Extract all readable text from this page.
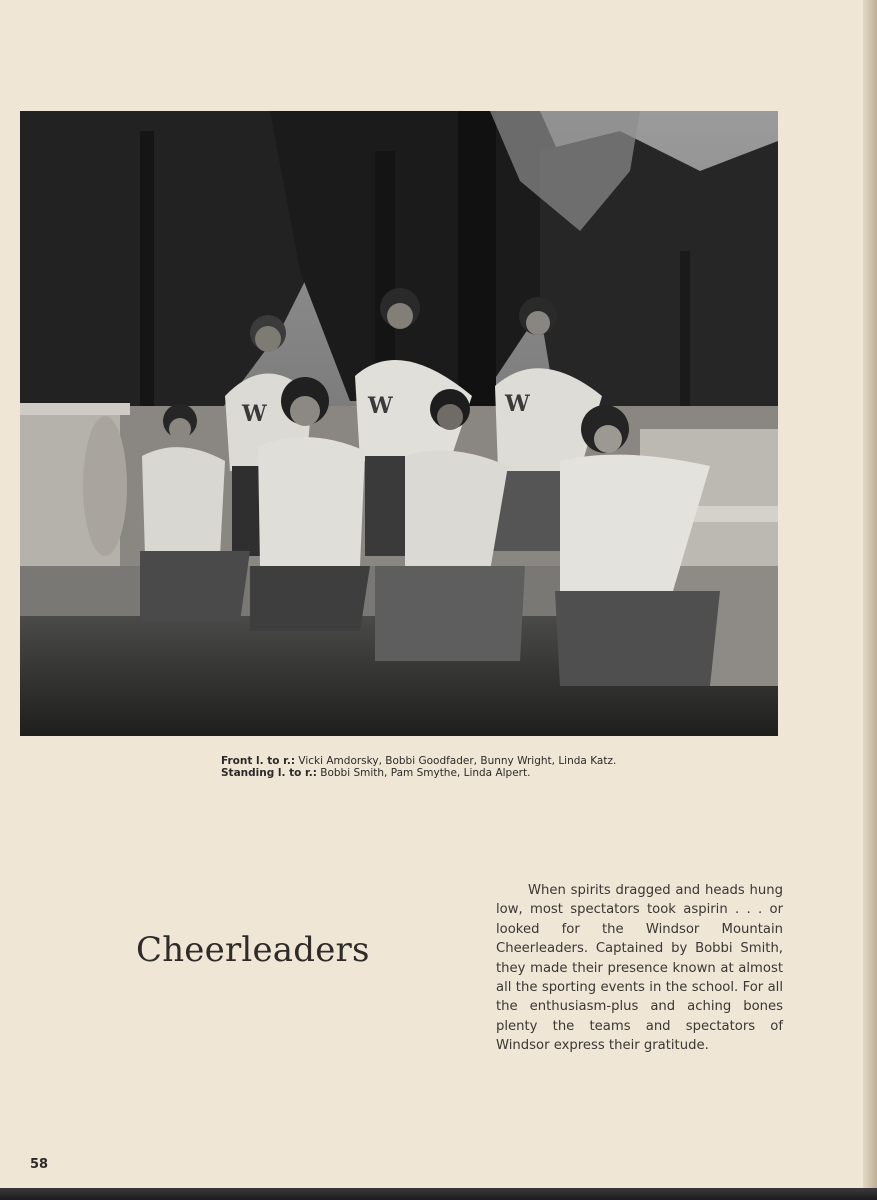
W	W	W
Front l. to r.: Vicki Amdorsky, Bobbi Goodfader, Bunny Wright, Linda Katz.
Standing l. to r.: Bobbi Smith, Pam Smythe, Linda Alpert.
Cheerleaders

When spirits dragged and heads hung low, most spectators took aspirin . . . or looked for the Windsor Mountain Cheerleaders. Captained by Bobbi Smith, they made their presence known at almost all the sporting events in the school. For all the enthusiasm-plus and aching bones plenty the teams and spectators of Windsor express their gratitude.

58
